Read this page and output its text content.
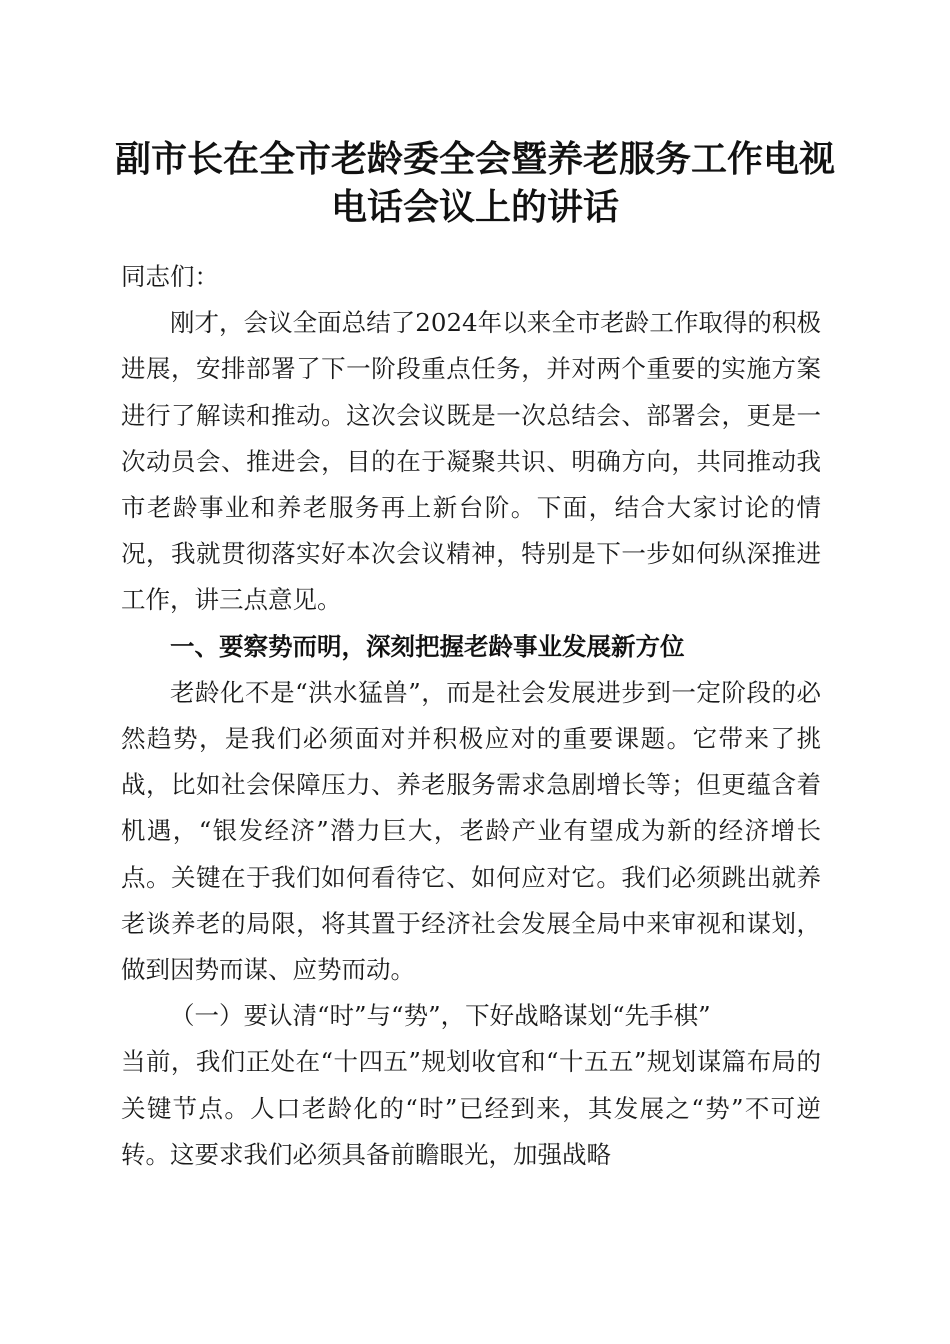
副市长在全市老龄委全会暨养老服务工作电视
电话会议上的讲话

同志们：

刚才，会议全面总结了2024年以来全市老龄工作取得的积极进展，安排部署了下一阶段重点任务，并对两个重要的实施方案进行了解读和推动。这次会议既是一次总结会、部署会，更是一次动员会、推进会，目的在于凝聚共识、明确方向，共同推动我市老龄事业和养老服务再上新台阶。下面，结合大家讨论的情况，我就贯彻落实好本次会议精神，特别是下一步如何纵深推进工作，讲三点意见。

一、要察势而明，深刻把握老龄事业发展新方位

老龄化不是“洪水猛兽”，而是社会发展进步到一定阶段的必然趋势，是我们必须面对并积极应对的重要课题。它带来了挑战，比如社会保障压力、养老服务需求急剧增长等；但更蕴含着机遇，“银发经济”潜力巨大，老龄产业有望成为新的经济增长点。关键在于我们如何看待它、如何应对它。我们必须跳出就养老谈养老的局限，将其置于经济社会发展全局中来审视和谋划，做到因势而谋、应势而动。

（一）要认清“时”与“势”，下好战略谋划“先手棋”

当前，我们正处在“十四五”规划收官和“十五五”规划谋篇布局的关键节点。人口老龄化的“时”已经到来，其发展之“势”不可逆转。这要求我们必须具备前瞻眼光，加强战略
